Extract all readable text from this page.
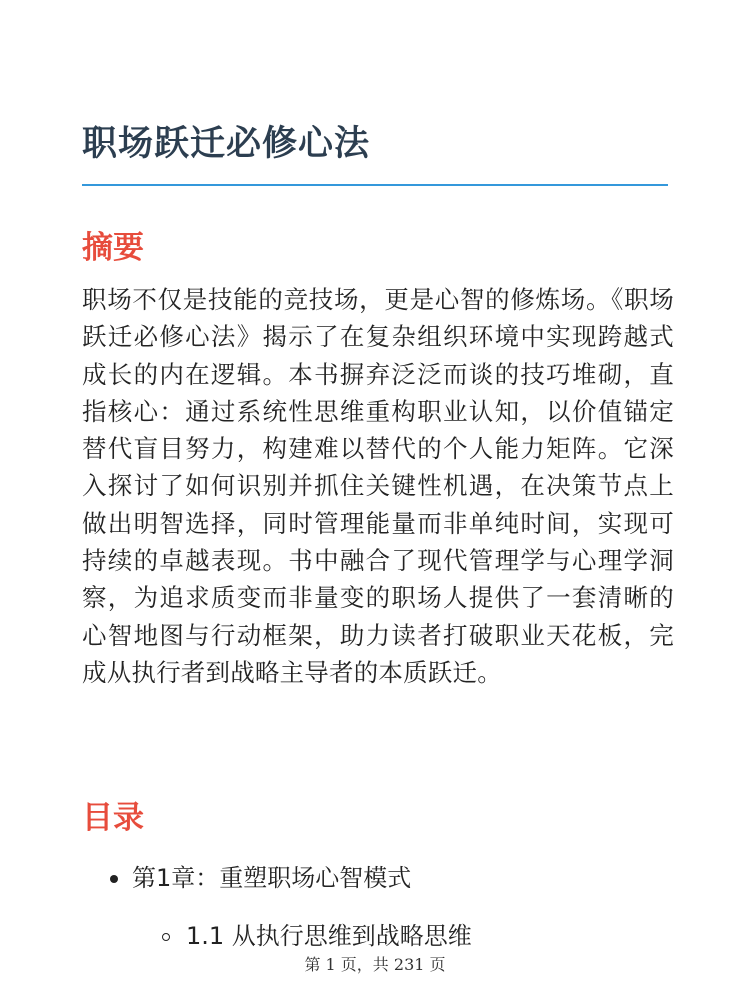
职场跃迁必修心法
摘要

职场不仅是技能的竞技场，更是心智的修炼场。《职场跃迁必修心法》揭示了在复杂组织环境中实现跨越式成长的内在逻辑。本书摒弃泛泛而谈的技巧堆砌，直指核心：通过系统性思维重构职业认知，以价值锚定替代盲目努力，构建难以替代的个人能力矩阵。它深入探讨了如何识别并抓住关键性机遇，在决策节点上做出明智选择，同时管理能量而非单纯时间，实现可持续的卓越表现。书中融合了现代管理学与心理学洞察，为追求质变而非量变的职场人提供了一套清晰的心智地图与行动框架，助力读者打破职业天花板，完成从执行者到战略主导者的本质跃迁。

目录
第1章：重塑职场心智模式
1.1 从执行思维到战略思维
第 1 页，共 231 页
